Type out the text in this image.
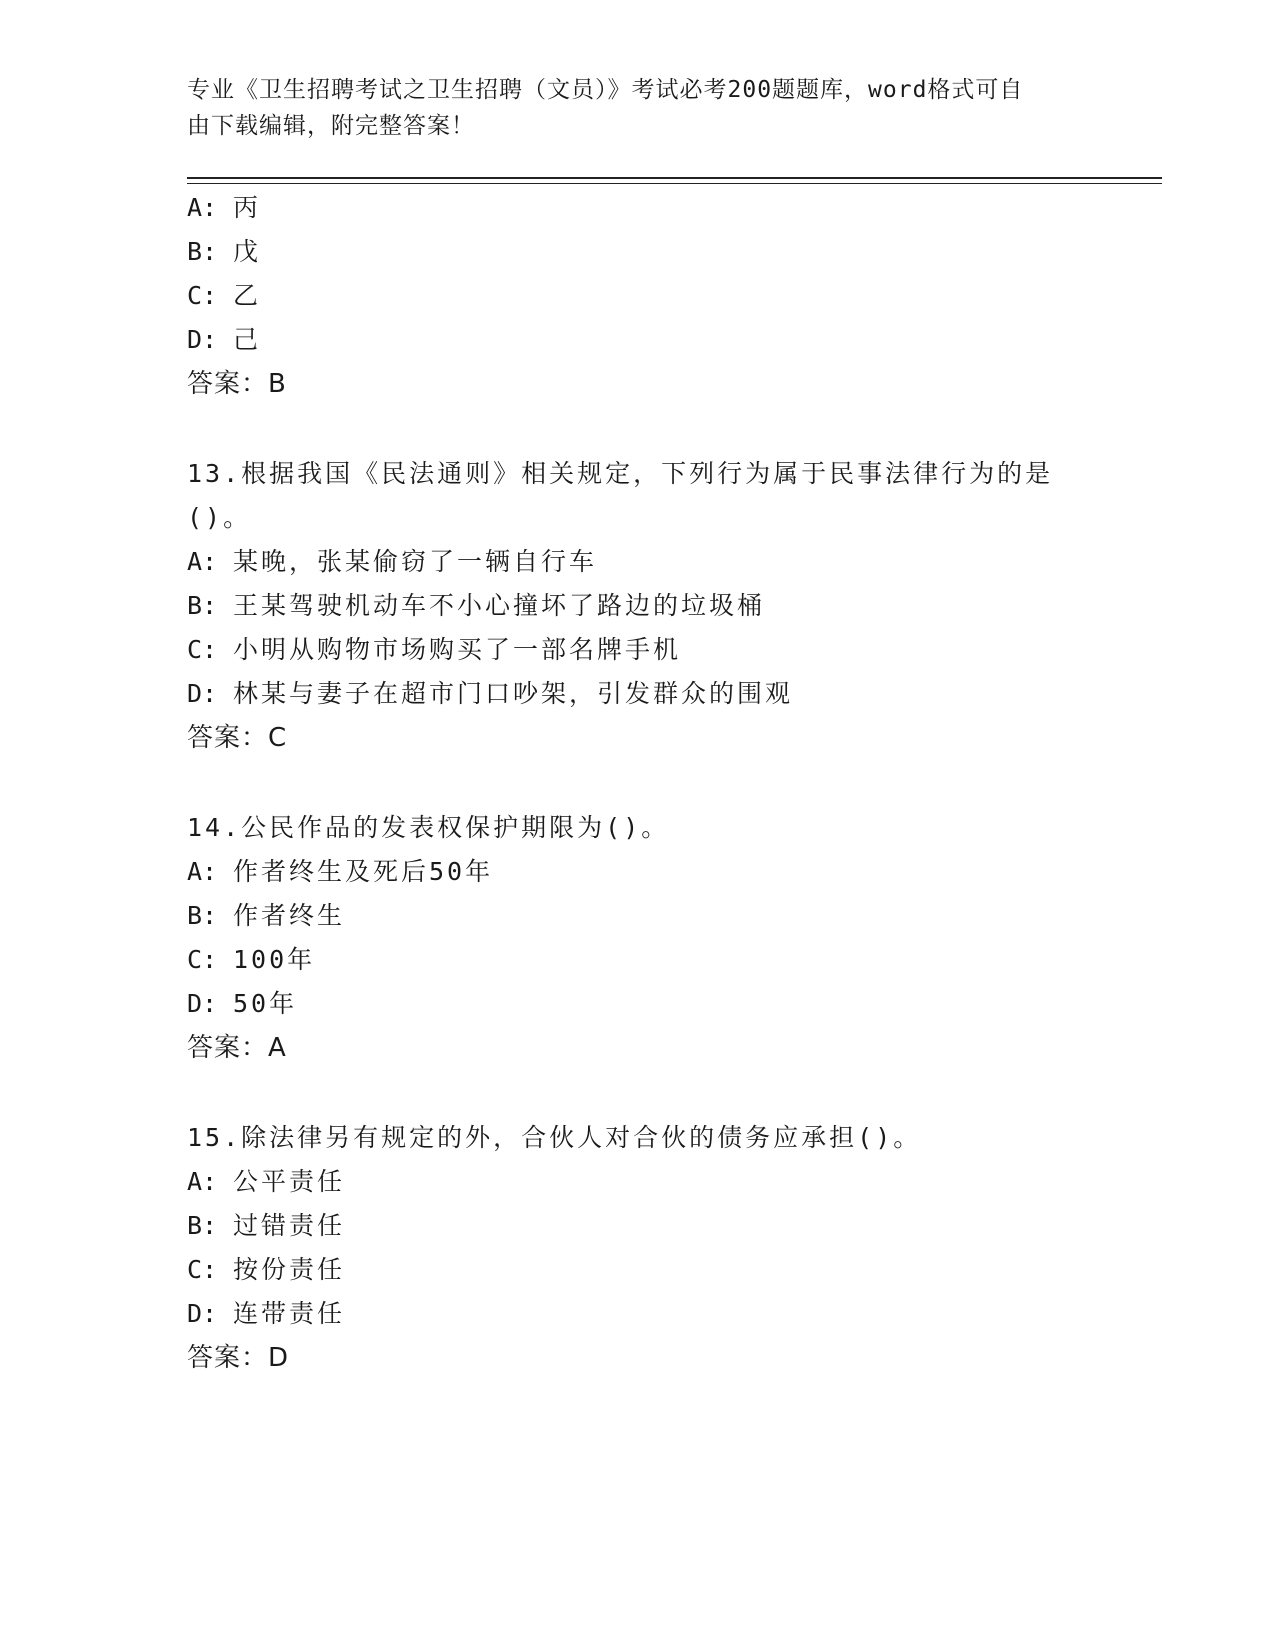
专业《卫生招聘考试之卫生招聘（文员）》考试必考200题题库，word格式可自
由下载编辑，附完整答案！
A: 丙
B: 戊
C: 乙
D: 己
答案：B
13.根据我国《民法通则》相关规定，下列行为属于民事法律行为的是
()。
A: 某晚，张某偷窃了一辆自行车
B: 王某驾驶机动车不小心撞坏了路边的垃圾桶
C: 小明从购物市场购买了一部名牌手机
D: 林某与妻子在超市门口吵架，引发群众的围观
答案：C
14.公民作品的发表权保护期限为()。
A: 作者终生及死后50年
B: 作者终生
C: 100年
D: 50年
答案：A
15.除法律另有规定的外，合伙人对合伙的债务应承担()。
A: 公平责任
B: 过错责任
C: 按份责任
D: 连带责任
答案：D
